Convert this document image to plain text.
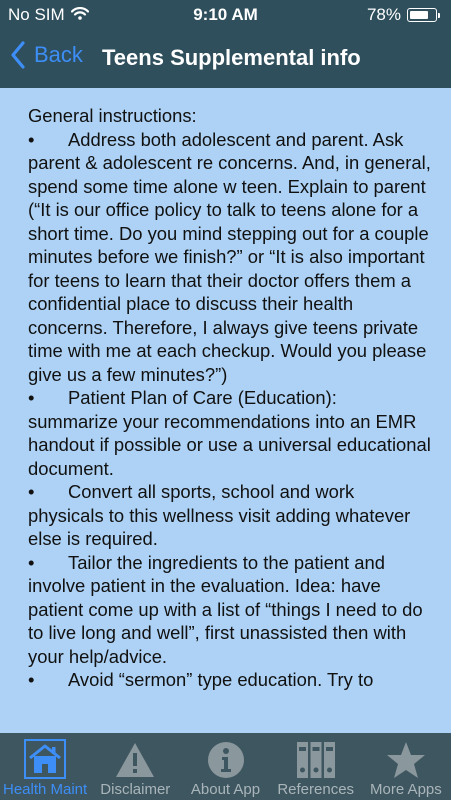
No SIM	9:10 AM	78%
Back Teens Supplemental info

General instructions:

• Address both adolescent and parent. Ask parent & adolescent re concerns. And, in general, spend some time alone w teen. Explain to parent (“It is our office policy to talk to teens alone for a short time. Do you mind stepping out for a couple minutes before we finish?” or “It is also important for teens to learn that their doctor offers them a confidential place to discuss their health concerns. Therefore, I always give teens private time with me at each checkup. Would you please give us a few minutes?”)

• Patient Plan of Care (Education): summarize your recommendations into an EMR handout if possible or use a universal educational document.

• Convert all sports, school and work physicals to this wellness visit adding whatever else is required.

• Tailor the ingredients to the patient and involve patient in the evaluation. Idea: have patient come up with a list of “things I need to do to live long and well”, first unassisted then with your help/advice.

• Avoid “sermon” type education. Try to

Health Maint Disclaimer About App References More Apps
